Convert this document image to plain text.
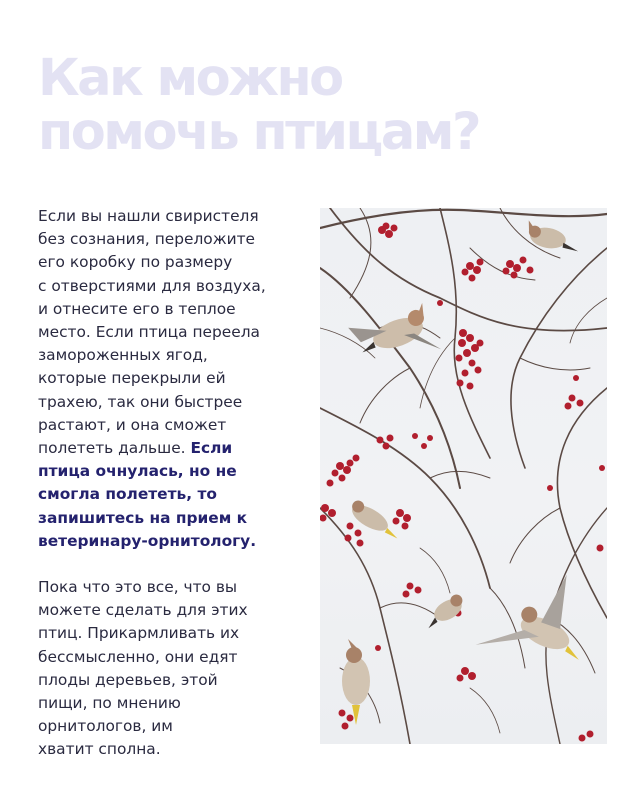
Как можно
помочь птицам?

Если вы нашли свиристеля
без сознания, переложите
его коробку по размеру
с отверстиями для воздуха,
и отнесите его в теплое
место. Если птица переела
замороженных ягод,
которые перекрыли ей
трахею, так они быстрее
растают, и она сможет
полететь дальше. Если
птица очнулась, но не
смогла полететь, то
запишитесь на прием к
ветеринару-орнитологу.

Пока что это все, что вы
можете сделать для этих
птиц. Прикармливать их
бессмысленно, они едят
плоды деревьев, этой
пищи, по мнению
орнитологов, им
хватит сполна.
